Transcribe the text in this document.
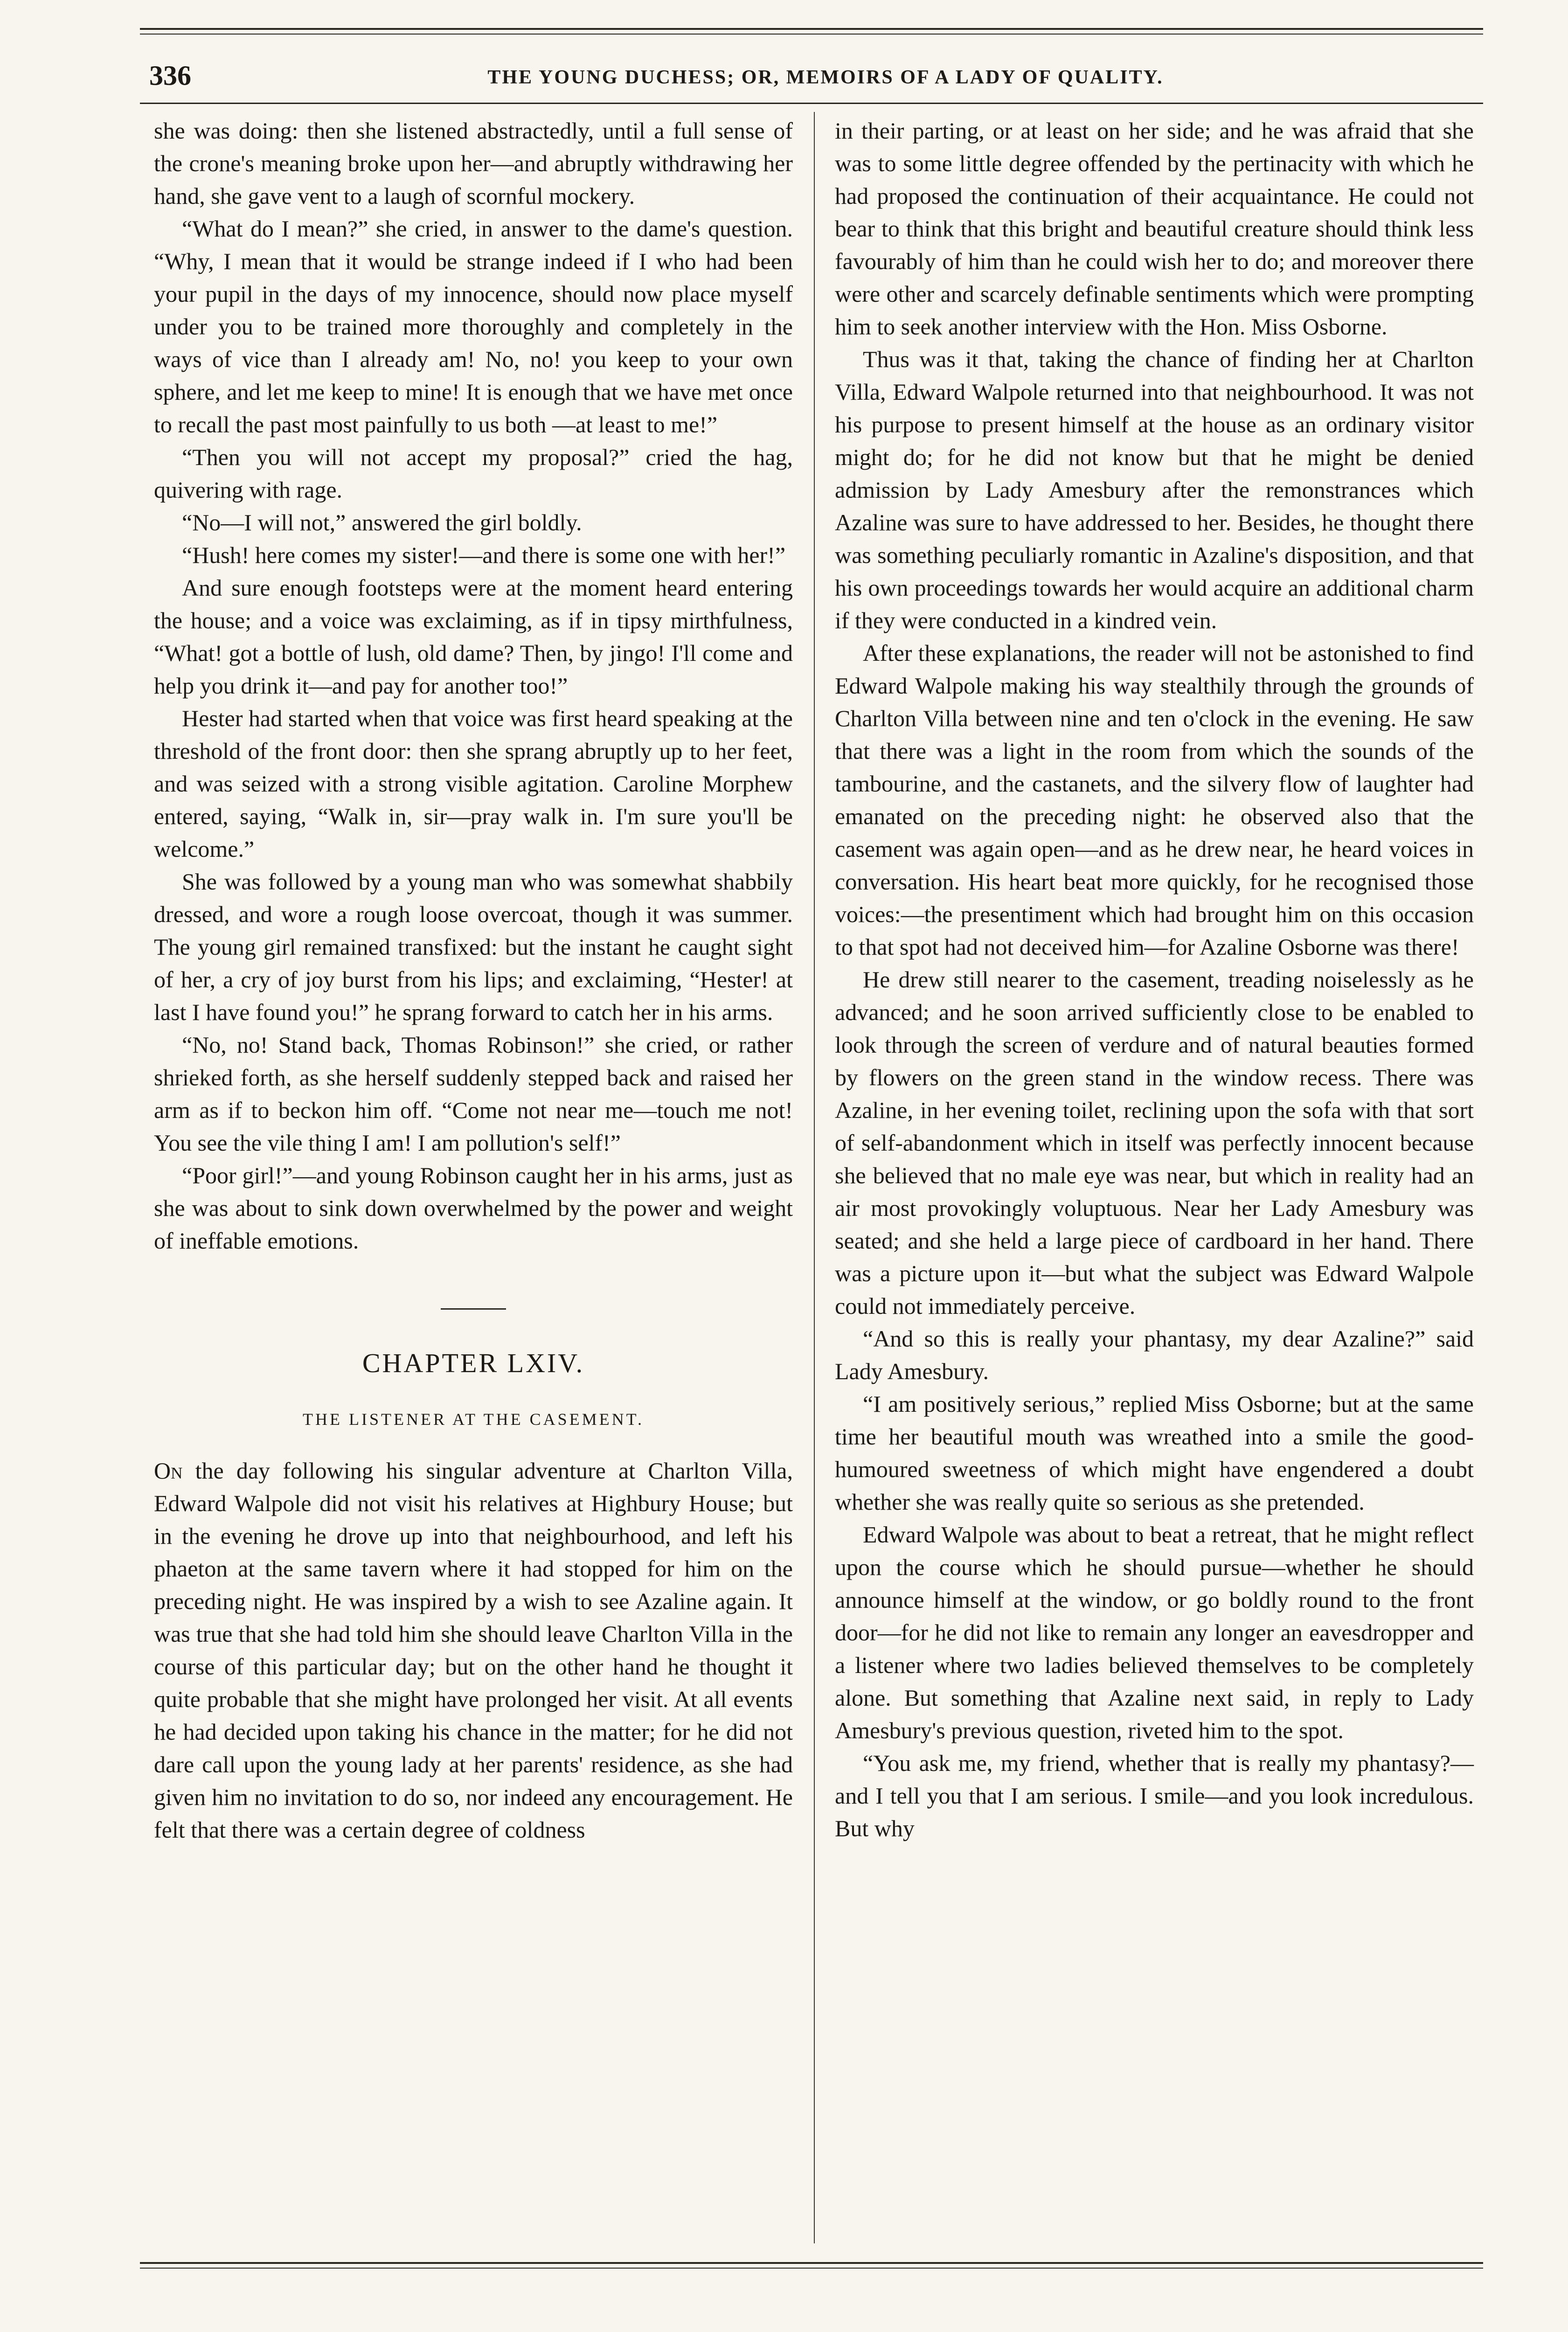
336	THE YOUNG DUCHESS; OR, MEMOIRS OF A LADY OF QUALITY.

she was doing: then she listened abstractedly, until a full sense of the crone's meaning broke upon her—and abruptly withdrawing her hand, she gave vent to a laugh of scornful mockery.

“What do I mean?” she cried, in answer to the dame's question. “Why, I mean that it would be strange indeed if I who had been your pupil in the days of my innocence, should now place myself under you to be trained more thoroughly and completely in the ways of vice than I already am! No, no! you keep to your own sphere, and let me keep to mine! It is enough that we have met once to recall the past most painfully to us both —at least to me!”

“Then you will not accept my proposal?” cried the hag, quivering with rage.

“No—I will not,” answered the girl boldly.

“Hush! here comes my sister!—and there is some one with her!”

And sure enough footsteps were at the moment heard entering the house; and a voice was exclaiming, as if in tipsy mirthfulness, “What! got a bottle of lush, old dame? Then, by jingo! I'll come and help you drink it—and pay for another too!”

Hester had started when that voice was first heard speaking at the threshold of the front door: then she sprang abruptly up to her feet, and was seized with a strong visible agitation. Caroline Morphew entered, saying, “Walk in, sir—pray walk in. I'm sure you'll be welcome.”

She was followed by a young man who was somewhat shabbily dressed, and wore a rough loose overcoat, though it was summer. The young girl remained transfixed: but the instant he caught sight of her, a cry of joy burst from his lips; and exclaiming, “Hester! at last I have found you!” he sprang forward to catch her in his arms.

“No, no! Stand back, Thomas Robinson!” she cried, or rather shrieked forth, as she herself suddenly stepped back and raised her arm as if to beckon him off. “Come not near me—touch me not! You see the vile thing I am! I am pollution's self!”

“Poor girl!”—and young Robinson caught her in his arms, just as she was about to sink down overwhelmed by the power and weight of ineffable emotions.

CHAPTER LXIV.
THE LISTENER AT THE CASEMENT.

On the day following his singular adventure at Charlton Villa, Edward Walpole did not visit his relatives at Highbury House; but in the evening he drove up into that neighbourhood, and left his phaeton at the same tavern where it had stopped for him on the preceding night. He was inspired by a wish to see Azaline again. It was true that she had told him she should leave Charlton Villa in the course of this particular day; but on the other hand he thought it quite probable that she might have prolonged her visit. At all events he had decided upon taking his chance in the matter; for he did not dare call upon the young lady at her parents' residence, as she had given him no invitation to do so, nor indeed any encouragement. He felt that there was a certain degree of coldness

in their parting, or at least on her side; and he was afraid that she was to some little degree offended by the pertinacity with which he had proposed the continuation of their acquaintance. He could not bear to think that this bright and beautiful creature should think less favourably of him than he could wish her to do; and moreover there were other and scarcely definable sentiments which were prompting him to seek another interview with the Hon. Miss Osborne.

Thus was it that, taking the chance of finding her at Charlton Villa, Edward Walpole returned into that neighbourhood. It was not his purpose to present himself at the house as an ordinary visitor might do; for he did not know but that he might be denied admission by Lady Amesbury after the remonstrances which Azaline was sure to have addressed to her. Besides, he thought there was something peculiarly romantic in Azaline's disposition, and that his own proceedings towards her would acquire an additional charm if they were conducted in a kindred vein.

After these explanations, the reader will not be astonished to find Edward Walpole making his way stealthily through the grounds of Charlton Villa between nine and ten o'clock in the evening. He saw that there was a light in the room from which the sounds of the tambourine, and the castanets, and the silvery flow of laughter had emanated on the preceding night: he observed also that the casement was again open—and as he drew near, he heard voices in conversation. His heart beat more quickly, for he recognised those voices:—the presentiment which had brought him on this occasion to that spot had not deceived him—for Azaline Osborne was there!

He drew still nearer to the casement, treading noiselessly as he advanced; and he soon arrived sufficiently close to be enabled to look through the screen of verdure and of natural beauties formed by flowers on the green stand in the window recess. There was Azaline, in her evening toilet, reclining upon the sofa with that sort of self-abandonment which in itself was perfectly innocent because she believed that no male eye was near, but which in reality had an air most provokingly voluptuous. Near her Lady Amesbury was seated; and she held a large piece of cardboard in her hand. There was a picture upon it—but what the subject was Edward Walpole could not immediately perceive.

“And so this is really your phantasy, my dear Azaline?” said Lady Amesbury.

“I am positively serious,” replied Miss Osborne; but at the same time her beautiful mouth was wreathed into a smile the good-humoured sweetness of which might have engendered a doubt whether she was really quite so serious as she pretended.

Edward Walpole was about to beat a retreat, that he might reflect upon the course which he should pursue—whether he should announce himself at the window, or go boldly round to the front door—for he did not like to remain any longer an eavesdropper and a listener where two ladies believed themselves to be completely alone. But something that Azaline next said, in reply to Lady Amesbury's previous question, riveted him to the spot.

“You ask me, my friend, whether that is really my phantasy?—and I tell you that I am serious. I smile—and you look incredulous. But why
